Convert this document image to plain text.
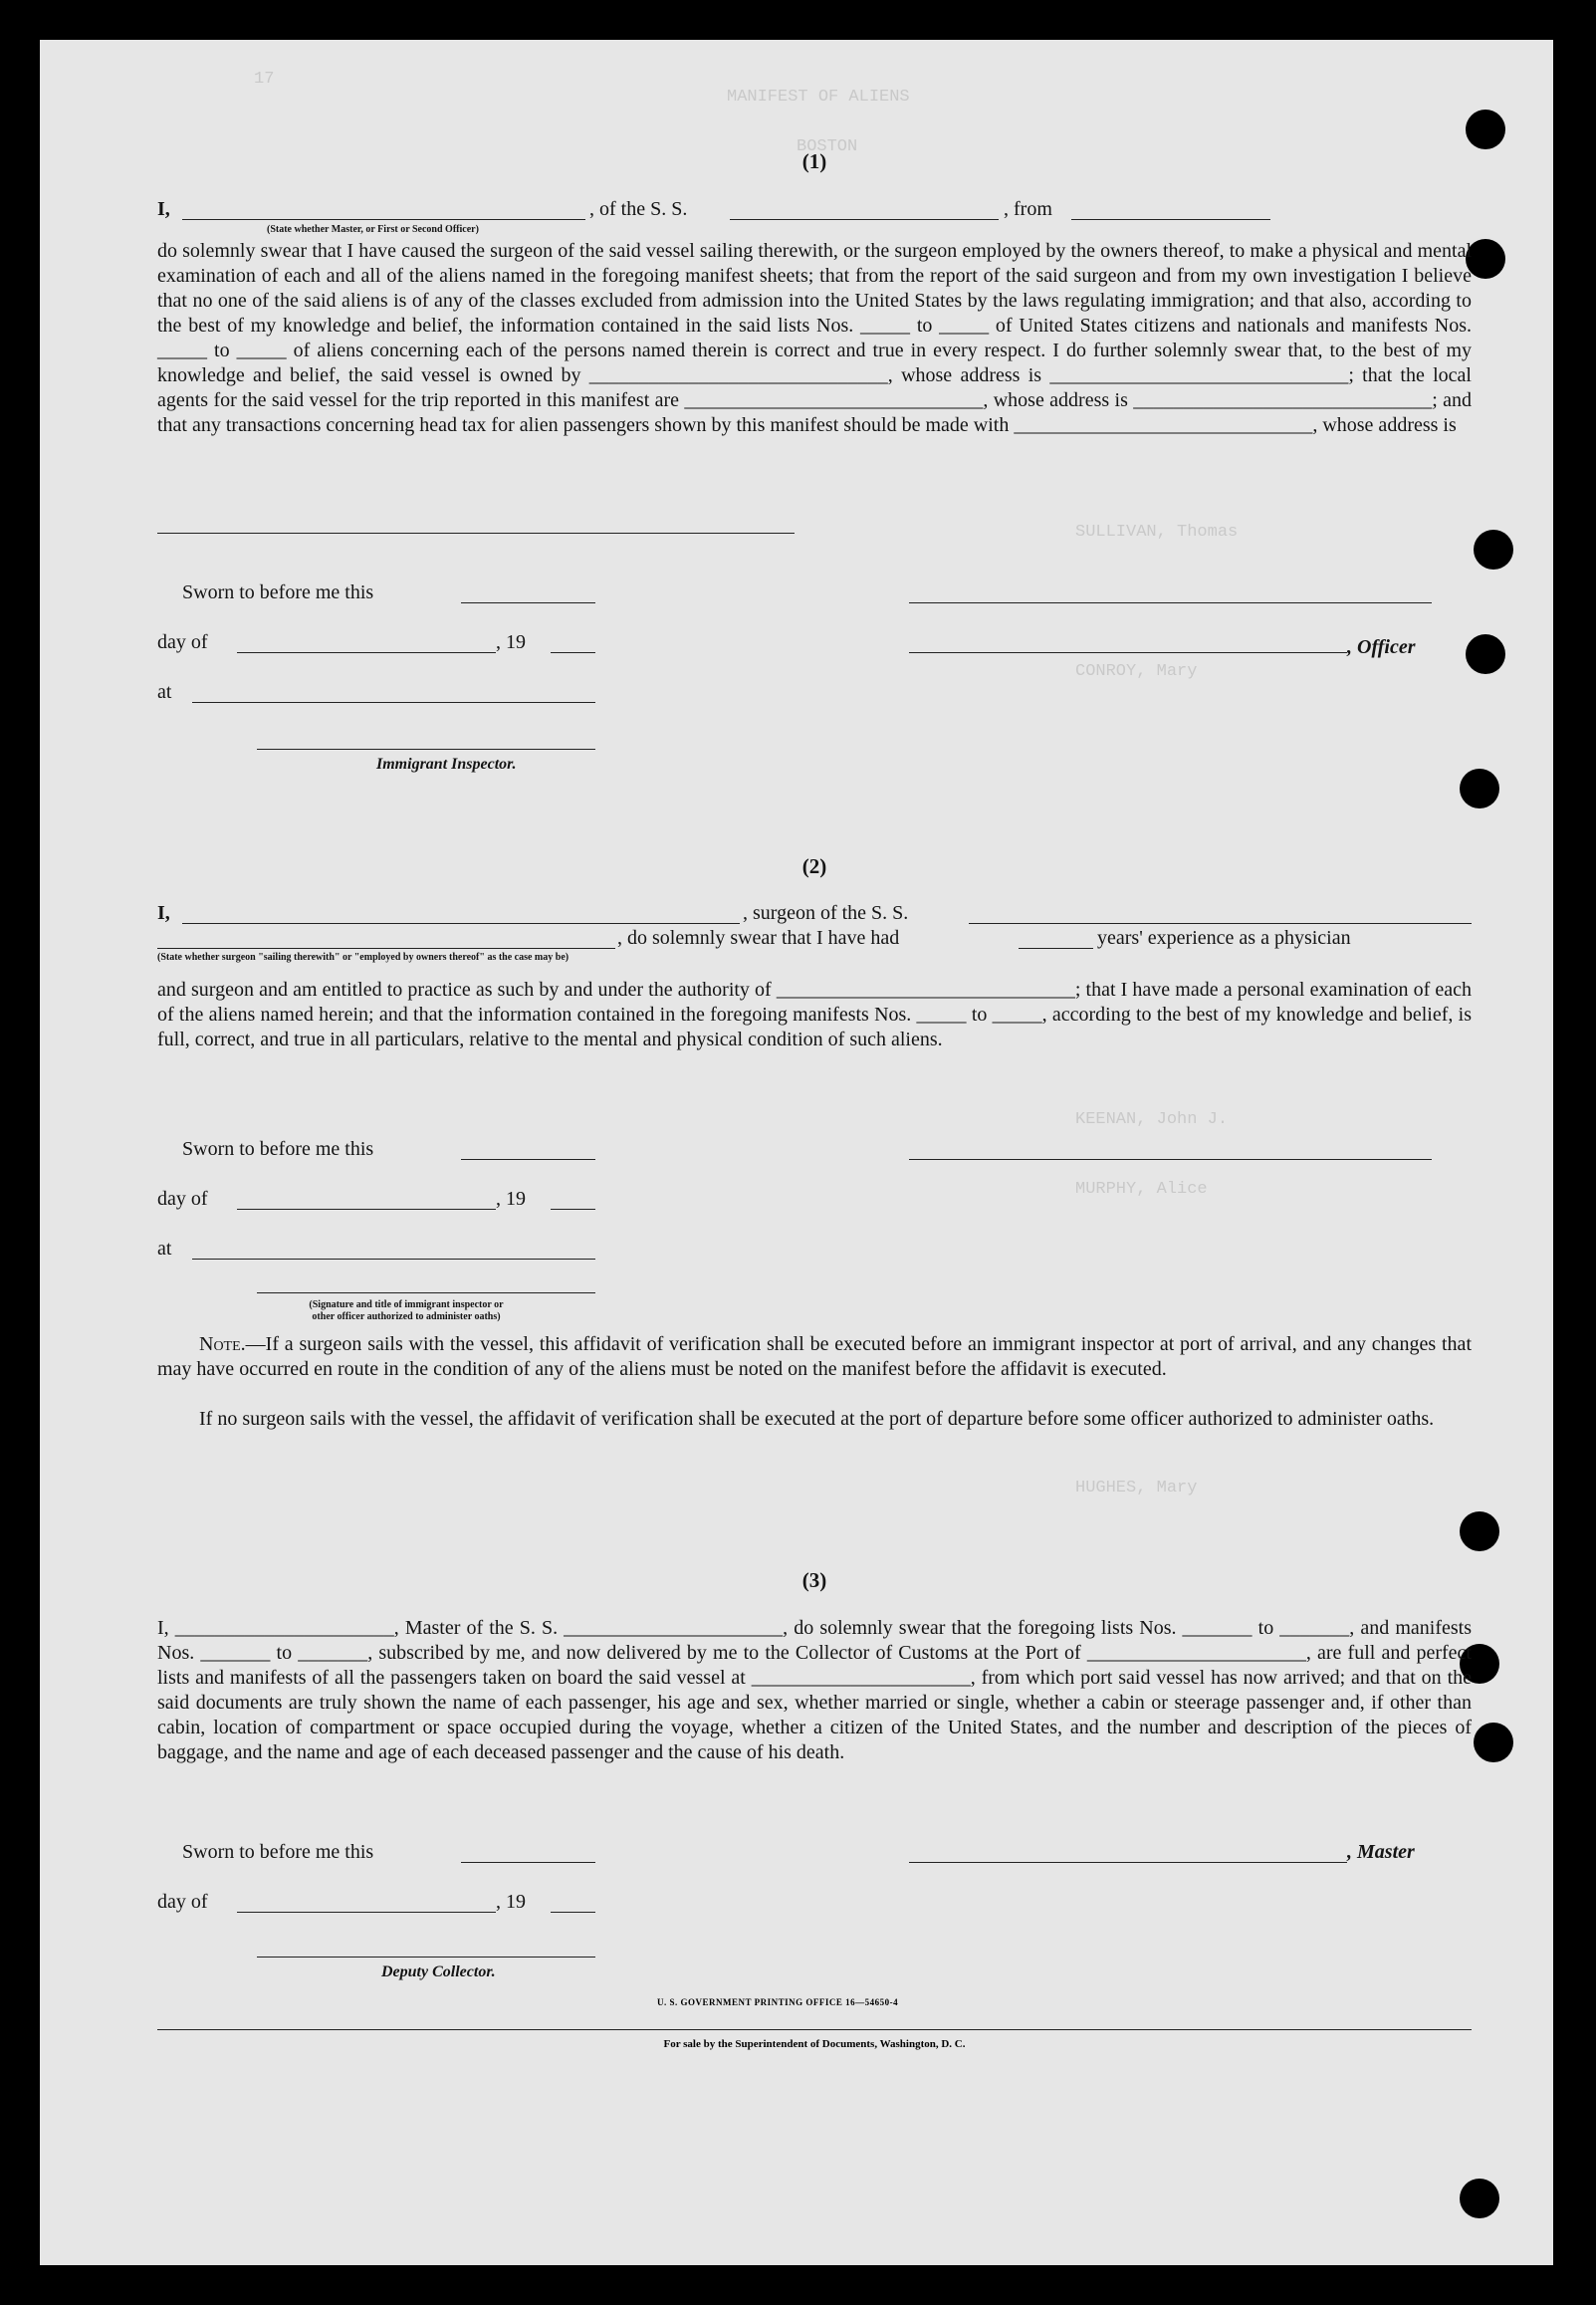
17
MANIFEST OF ALIENS
BOSTON
SULLIVAN, Thomas
CONROY, Mary
KEENAN, John J.
MURPHY, Alice
HUGHES, Mary
(1)
I,	, of the S. S.	, from
(State whether Master, or First or Second Officer)
do solemnly swear that I have caused the surgeon of the said vessel sailing therewith, or the surgeon employed by the owners thereof, to make a physical and mental examination of each and all of the aliens named in the foregoing manifest sheets; that from the report of the said surgeon and from my own investigation I believe that no one of the said aliens is of any of the classes excluded from admission into the United States by the laws regulating immigration; and that also, according to the best of my knowledge and belief, the information contained in the said lists Nos. _____ to _____ of United States citizens and nationals and manifests Nos. _____ to _____ of aliens concerning each of the persons named therein is correct and true in every respect. I do further solemnly swear that, to the best of my knowledge and belief, the said vessel is owned by ______________________________, whose address is ______________________________; that the local agents for the said vessel for the trip reported in this manifest are ______________________________, whose address is ______________________________; and that any transactions concerning head tax for alien passengers shown by this manifest should be made with ______________________________, whose address is
Sworn to before me this
day of	, 19	, Officer
at
Immigrant Inspector.
(2)
I,	, surgeon of the S. S.
, do solemnly swear that I have had	years' experience as a physician
(State whether surgeon "sailing therewith" or "employed by owners thereof" as the case may be)
and surgeon and am entitled to practice as such by and under the authority of ______________________________; that I have made a personal examination of each of the aliens named herein; and that the information contained in the foregoing manifests Nos. _____ to _____, according to the best of my knowledge and belief, is full, correct, and true in all particulars, relative to the mental and physical condition of such aliens.
Sworn to before me this
day of	, 19
at
(Signature and title of immigrant inspector or
other officer authorized to administer oaths)
Note.—If a surgeon sails with the vessel, this affidavit of verification shall be executed before an immigrant inspector at port of arrival, and any changes that may have occurred en route in the condition of any of the aliens must be noted on the manifest before the affidavit is executed.
If no surgeon sails with the vessel, the affidavit of verification shall be executed at the port of departure before some officer authorized to administer oaths.
(3)
I, ______________________, Master of the S. S. ______________________, do solemnly swear that the foregoing lists Nos. _______ to _______, and manifests Nos. _______ to _______, subscribed by me, and now delivered by me to the Collector of Customs at the Port of ______________________, are full and perfect lists and manifests of all the passengers taken on board the said vessel at ______________________, from which port said vessel has now arrived; and that on the said documents are truly shown the name of each passenger, his age and sex, whether married or single, whether a cabin or steerage passenger and, if other than cabin, location of compartment or space occupied during the voyage, whether a citizen of the United States, and the number and description of the pieces of baggage, and the name and age of each deceased passenger and the cause of his death.
Sworn to before me this	, Master
day of	, 19
Deputy Collector.
U. S. GOVERNMENT PRINTING OFFICE 16—54650-4
For sale by the Superintendent of Documents, Washington, D. C.
